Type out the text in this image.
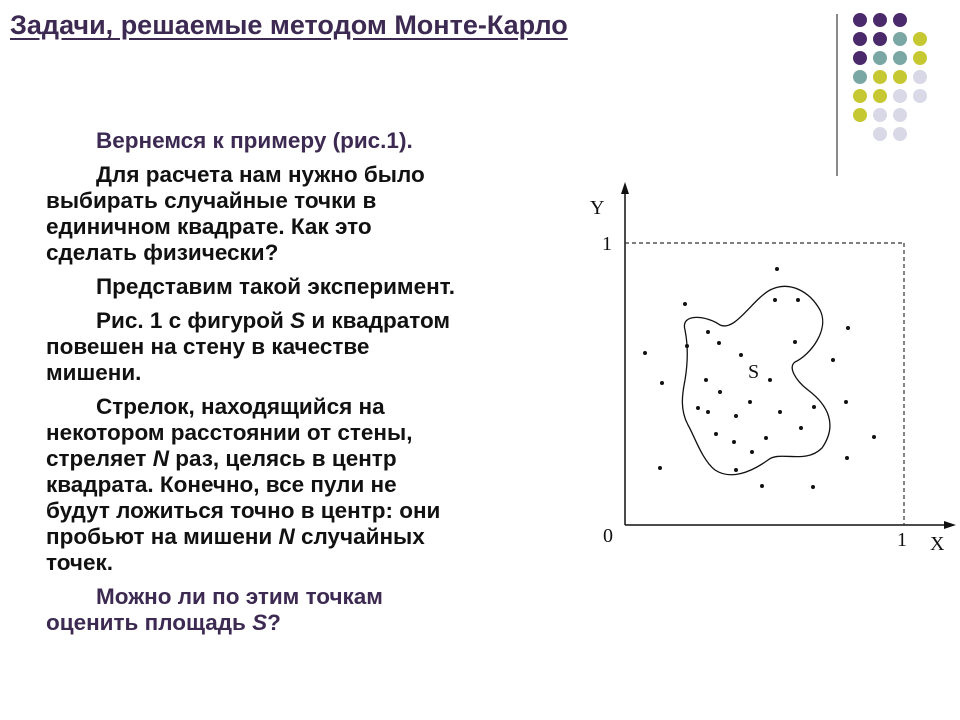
Задачи, решаемые методом Монте-Карло

Вернемся к примеру (рис.1).

Для расчета нам нужно было
выбирать случайные точки в
единичном квадрате. Как это
сделать физически?

Представим такой эксперимент.

Рис. 1 с фигурой S и квадратом
повешен на стену в качестве
мишени.

Стрелок, находящийся на
некотором расстоянии от стены,
стреляет N раз, целясь в центр
квадрата. Конечно, все пули не
будут ложиться точно в центр: они
пробьют на мишени N случайных
точек.

Можно ли по этим точкам
оценить площадь S?

Y
X
0
1
1
S
